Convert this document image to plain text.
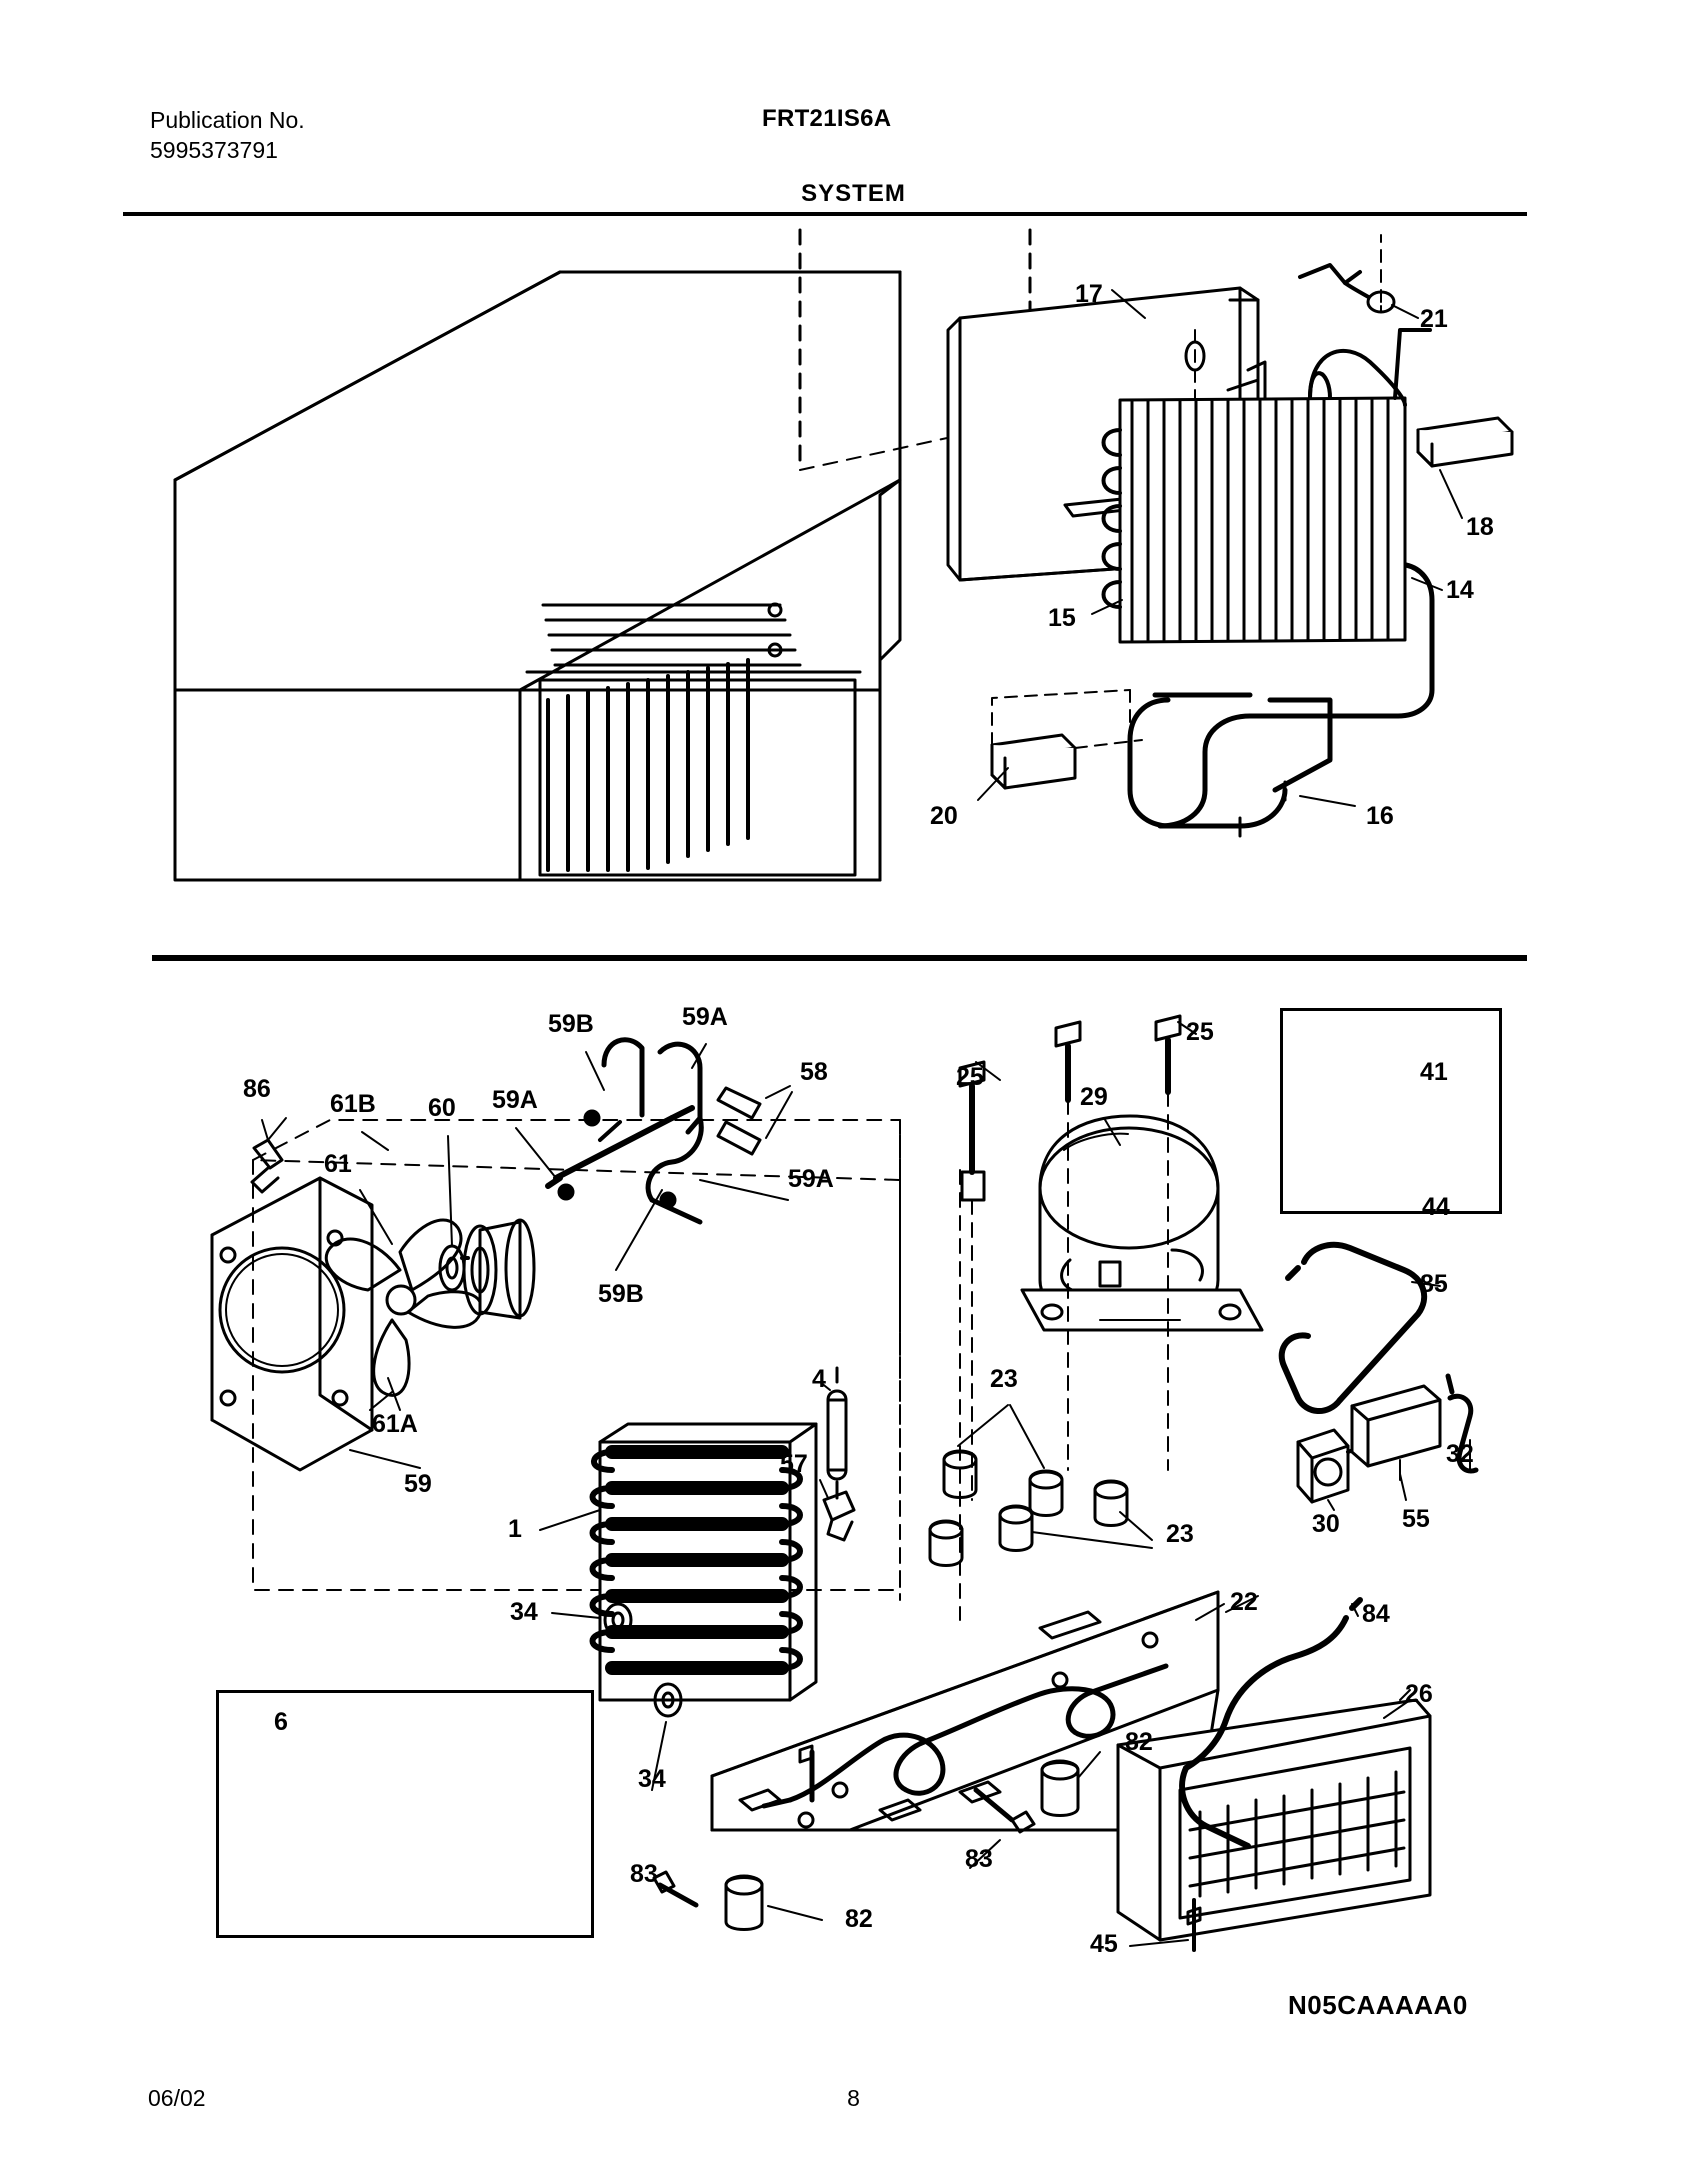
Publication No.
5995373791
FRT21IS6A
SYSTEM
17
21
18
15
14
16
20
59B	59A
58
25
25
29
86
61B 60 59A
41
61
59A
44
59B	85
61A
4	23
59
57	32
30 55
23
1
34	22	84
26
6
34
82
83
83
82
45
N05CAAAAA0
06/02	8
